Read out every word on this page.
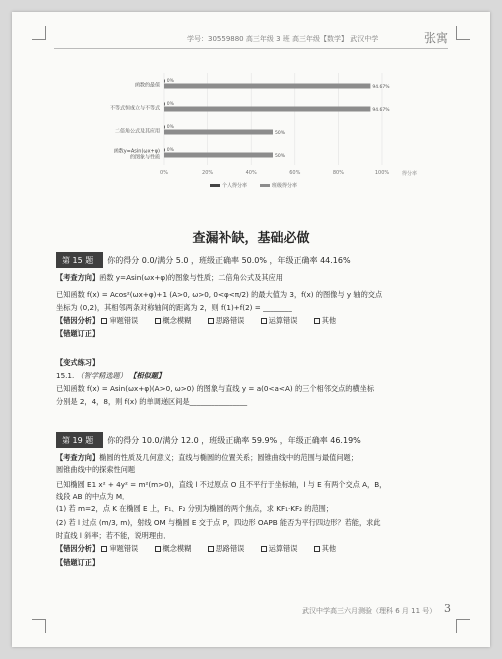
学号：30559880 高三年级 3 班 高三年级【数学】 武汉中学	张寓
0%	20%	40%	60%	80%	100%	得分率
函数的最值
0%
94.67%
不等式恒成立与不等式
0%
94.67%
二倍角公式及其应用
0%
50%
函数y=Asin(ωx+φ)
的图象与性质
0%
50%
个人得分率	班级得分率
查漏补缺，基础必做
第 15 题	你的得分 0.0/满分 5.0 ，班级正确率 50.0% ，年级正确率 44.16%
【考查方向】函数 y=Asin(ωx+φ)的图象与性质；二倍角公式及其应用
已知函数 f(x) = Acos²(ωx+φ)+1 (A>0, ω>0, 0<φ<π/2) 的最大值为 3，f(x) 的图像与 y 轴的交点
坐标为 (0,2)，其相邻两条对称轴间的距离为 2，则 f(1)+f(2) = ________
【错因分析】 审题错误	概念模糊	思路错误	运算错误	其他
【错题订正】
【变式练习】
15.1. （智学精选题） 【相似题】
已知函数 f(x) = Asin(ωx+φ)(A>0, ω>0) 的图象与直线 y = a(0<a<A) 的三个相邻交点的横坐标
分别是 2，4，8，则 f(x) 的单调递区间是________________
第 19 题	你的得分 10.0/满分 12.0 ，班级正确率 59.9% ，年级正确率 46.19%
【考查方向】椭圆的性质及几何意义；直线与椭圆的位置关系；圆锥曲线中的范围与最值问题；
圆锥曲线中的探索性问题
已知椭圆 E1 x² + 4y² = m²(m>0)，直线 l 不过原点 O 且不平行于坐标轴，l 与 E 有两个交点 A，B，
线段 AB 的中点为 M．
(1) 若 m=2，点 K 在椭圆 E 上，F₁、F₂ 分别为椭圆的两个焦点，求 KF₁·KF₂ 的范围；
(2) 若 l 过点 (m/3, m)，射线 OM 与椭圆 E 交于点 P，四边形 OAPB 能否为平行四边形？若能，求此
时直线 l 斜率；若不能，说明理由．
【错因分析】 审题错误	概念模糊	思路错误	运算错误	其他
【错题订正】
武汉中学高三六月测验（理科 6 月 11 号） 3
